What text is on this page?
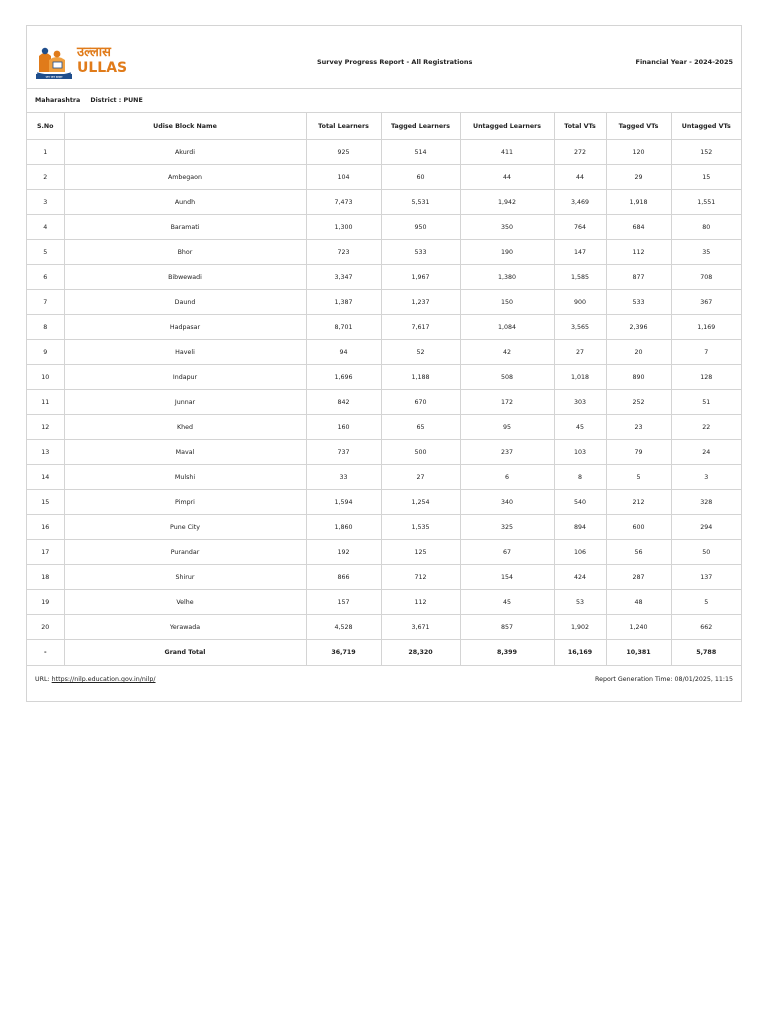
जन जन साक्षर
उल्लास
ULLAS	Survey Progress Report - All Registrations	Financial Year - 2024-2025
Maharashtra District : PUNE
S.No	Udise Block Name	Total Learners	Tagged Learners	Untagged Learners	Total VTs	Tagged VTs	Untagged VTs
1	Akurdi	925	514	411	272	120	152
2	Ambegaon	104	60	44	44	29	15
3	Aundh	7,473	5,531	1,942	3,469	1,918	1,551
4	Baramati	1,300	950	350	764	684	80
5	Bhor	723	533	190	147	112	35
6	Bibwewadi	3,347	1,967	1,380	1,585	877	708
7	Daund	1,387	1,237	150	900	533	367
8	Hadpasar	8,701	7,617	1,084	3,565	2,396	1,169
9	Haveli	94	52	42	27	20	7
10	Indapur	1,696	1,188	508	1,018	890	128
11	Junnar	842	670	172	303	252	51
12	Khed	160	65	95	45	23	22
13	Maval	737	500	237	103	79	24
14	Mulshi	33	27	6	8	5	3
15	Pimpri	1,594	1,254	340	540	212	328
16	Pune City	1,860	1,535	325	894	600	294
17	Purandar	192	125	67	106	56	50
18	Shirur	866	712	154	424	287	137
19	Velhe	157	112	45	53	48	5
20	Yerawada	4,528	3,671	857	1,902	1,240	662
-	Grand Total	36,719	28,320	8,399	16,169	10,381	5,788
URL: https://nilp.education.gov.in/nilp/	Report Generation Time: 08/01/2025, 11:15
